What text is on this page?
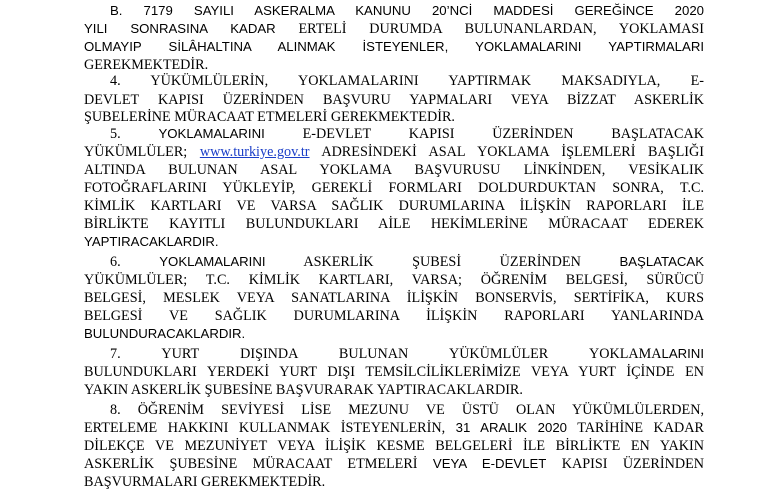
B. 7179 SAYILI ASKERALMA KANUNU 20’NCİ MADDESİ GEREĞİNCE 2020
YILI SONRASINA KADAR ERTELİ DURUMDA BULUNANLARDAN, YOKLAMASI
OLMAYIP SİLÂHALTINA ALINMAK İSTEYENLER, YOKLAMALARINI YAPTIRMALARI
GEREKMEKTEDİR.
4. YÜKÜMLÜLERİN, YOKLAMALARINI YAPTIRMAK MAKSADIYLA, E-
DEVLET KAPISI ÜZERİNDEN BAŞVURU YAPMALARI VEYA BİZZAT ASKERLİK
ŞUBELERİNE MÜRACAAT ETMELERİ GEREKMEKTEDİR.
5. YOKLAMALARINI E-DEVLET KAPISI ÜZERİNDEN BAŞLATACAK
YÜKÜMLÜLER; www.turkiye.gov.tr ADRESİNDEKİ ASAL YOKLAMA İŞLEMLERİ BAŞLIĞI
ALTINDA BULUNAN ASAL YOKLAMA BAŞVURUSU LİNKİNDEN, VESİKALIK
FOTOĞRAFLARINI YÜKLEYİP, GEREKLİ FORMLARI DOLDURDUKTAN SONRA, T.C.
KİMLİK KARTLARI VE VARSA SAĞLIK DURUMLARINA İLİŞKİN RAPORLARI İLE
BİRLİKTE KAYITLI BULUNDUKLARI AİLE HEKİMLERİNE MÜRACAAT EDEREK
YAPTIRACAKLARDIR.
6. YOKLAMALARINI ASKERLİK ŞUBESİ ÜZERİNDEN BAŞLATACAK
YÜKÜMLÜLER; T.C. KİMLİK KARTLARI, VARSA; ÖĞRENİM BELGESİ, SÜRÜCÜ
BELGESİ, MESLEK VEYA SANATLARINA İLİŞKİN BONSERVİS, SERTİFİKA, KURS
BELGESİ VE SAĞLIK DURUMLARINA İLİŞKİN RAPORLARI YANLARINDA
BULUNDURACAKLARDIR.
7. YURT DIŞINDA BULUNAN YÜKÜMLÜLER YOKLAMALARINI
BULUNDUKLARI YERDEKİ YURT DIŞI TEMSİLCİLİKLERİMİZE VEYA YURT İÇİNDE EN
YAKIN ASKERLİK ŞUBESİNE BAŞVURARAK YAPTIRACAKLARDIR.
8. ÖĞRENİM SEVİYESİ LİSE MEZUNU VE ÜSTÜ OLAN YÜKÜMLÜLERDEN,
ERTELEME HAKKINI KULLANMAK İSTEYENLERİN, 31 ARALIK 2020 TARİHİNE KADAR
DİLEKÇE VE MEZUNİYET VEYA İLİŞİK KESME BELGELERİ İLE BİRLİKTE EN YAKIN
ASKERLİK ŞUBESİNE MÜRACAAT ETMELERİ VEYA E-DEVLET KAPISI ÜZERİNDEN
BAŞVURMALARI GEREKMEKTEDİR.
